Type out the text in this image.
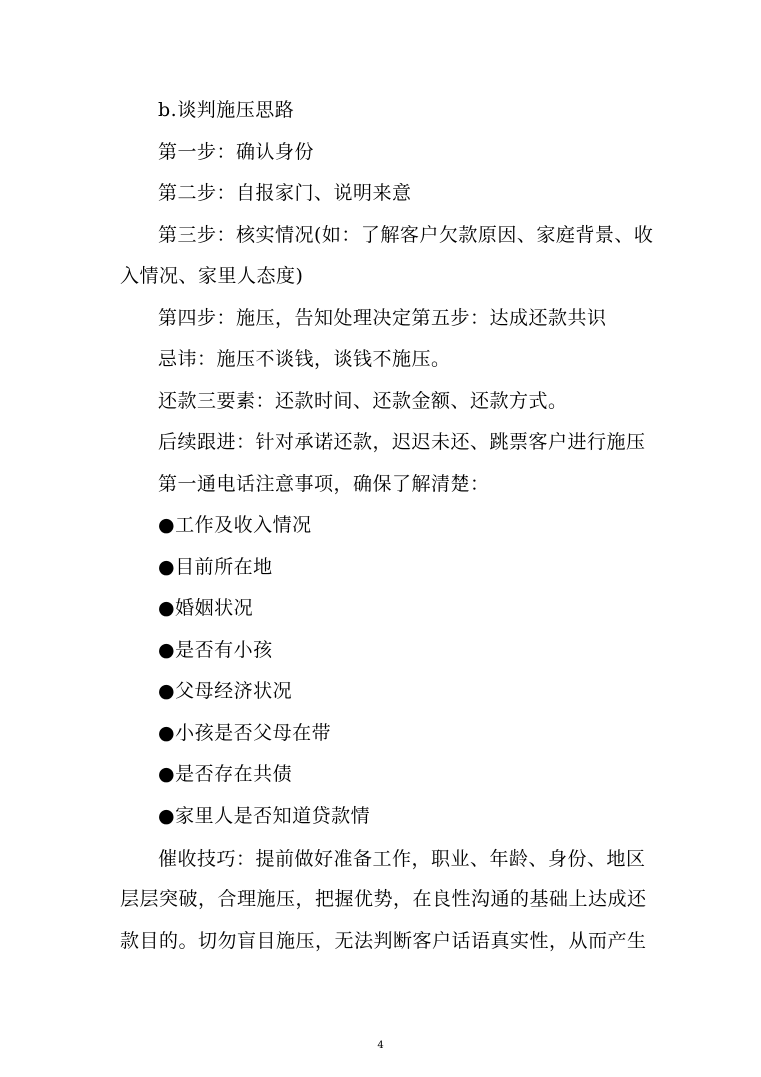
b.谈判施压思路
第一步：确认身份
第二步：自报家门、说明来意
第三步：核实情况(如：了解客户欠款原因、家庭背景、收
入情况、家里人态度)
第四步：施压，告知处理决定第五步：达成还款共识
忌讳：施压不谈钱，谈钱不施压。
还款三要素：还款时间、还款金额、还款方式。
后续跟进：针对承诺还款，迟迟未还、跳票客户进行施压
第一通电话注意事项，确保了解清楚：
●工作及收入情况
●目前所在地
●婚姻状况
●是否有小孩
●父母经济状况
●小孩是否父母在带
●是否存在共债
●家里人是否知道贷款情
催收技巧：提前做好准备工作，职业、年龄、身份、地区
层层突破，合理施压，把握优势，在良性沟通的基础上达成还
款目的。切勿盲目施压，无法判断客户话语真实性，从而产生
4
